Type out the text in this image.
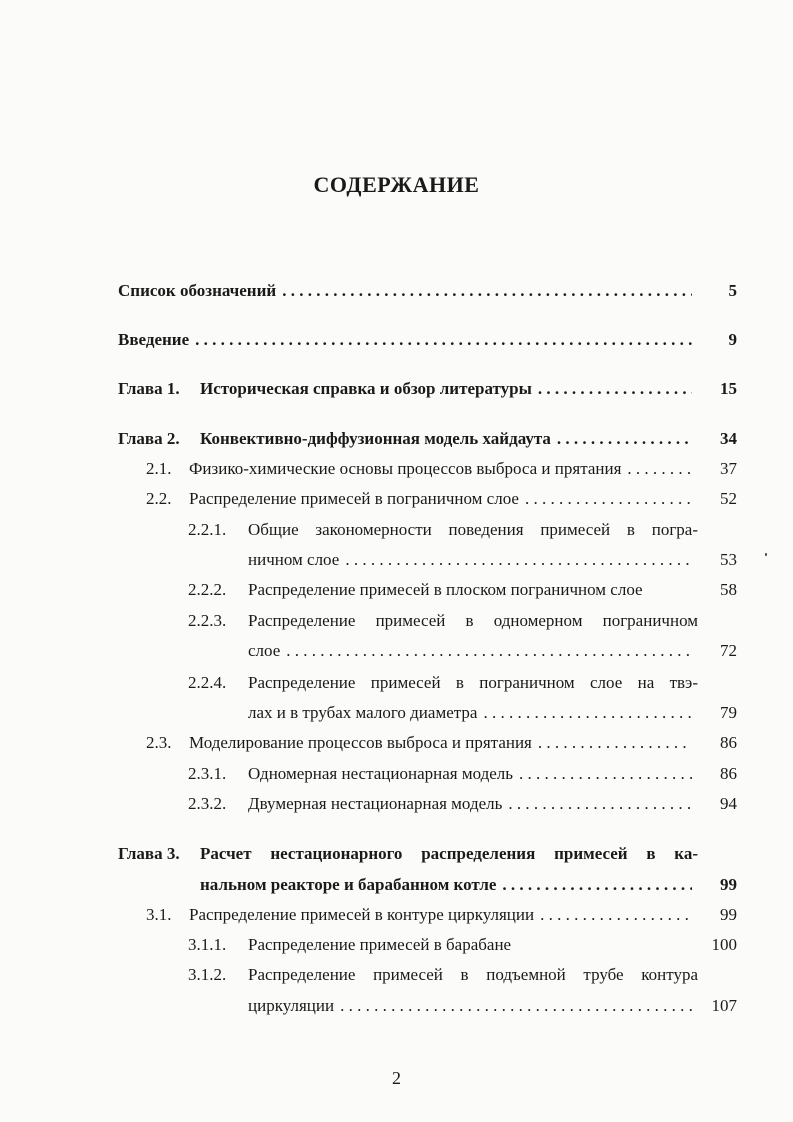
СОДЕРЖАНИЕ
Список обозначений . . .	5
Введение . . .	9
Глава 1. Историческая справка и обзор литературы . . .	15
Глава 2. Конвективно-диффузионная модель хайдаута . . .	34
2.1. Физико-химические основы процессов выброса и прятания . . .	37
2.2. Распределение примесей в пограничном слое . . .	52
2.2.1. Общие закономерности поведения примесей в погра-
ничном слое . . .	53
2.2.2. Распределение примесей в плоском пограничном слое	58
2.2.3. Распределение примесей в одномерном пограничном
слое . . .	72
2.2.4. Распределение примесей в пограничном слое на твэ-
лах и в трубах малого диаметра . . .	79
2.3. Моделирование процессов выброса и прятания . . .	86
2.3.1. Одномерная нестационарная модель . . .	86
2.3.2. Двумерная нестационарная модель . . .	94
Глава 3. Расчет нестационарного распределения примесей в ка-
нальном реакторе и барабанном котле . . .	99
3.1. Распределение примесей в контуре циркуляции . . .	99
3.1.1. Распределение примесей в барабане	100
3.1.2. Распределение примесей в подъемной трубе контура
циркуляции . . .	107
2
